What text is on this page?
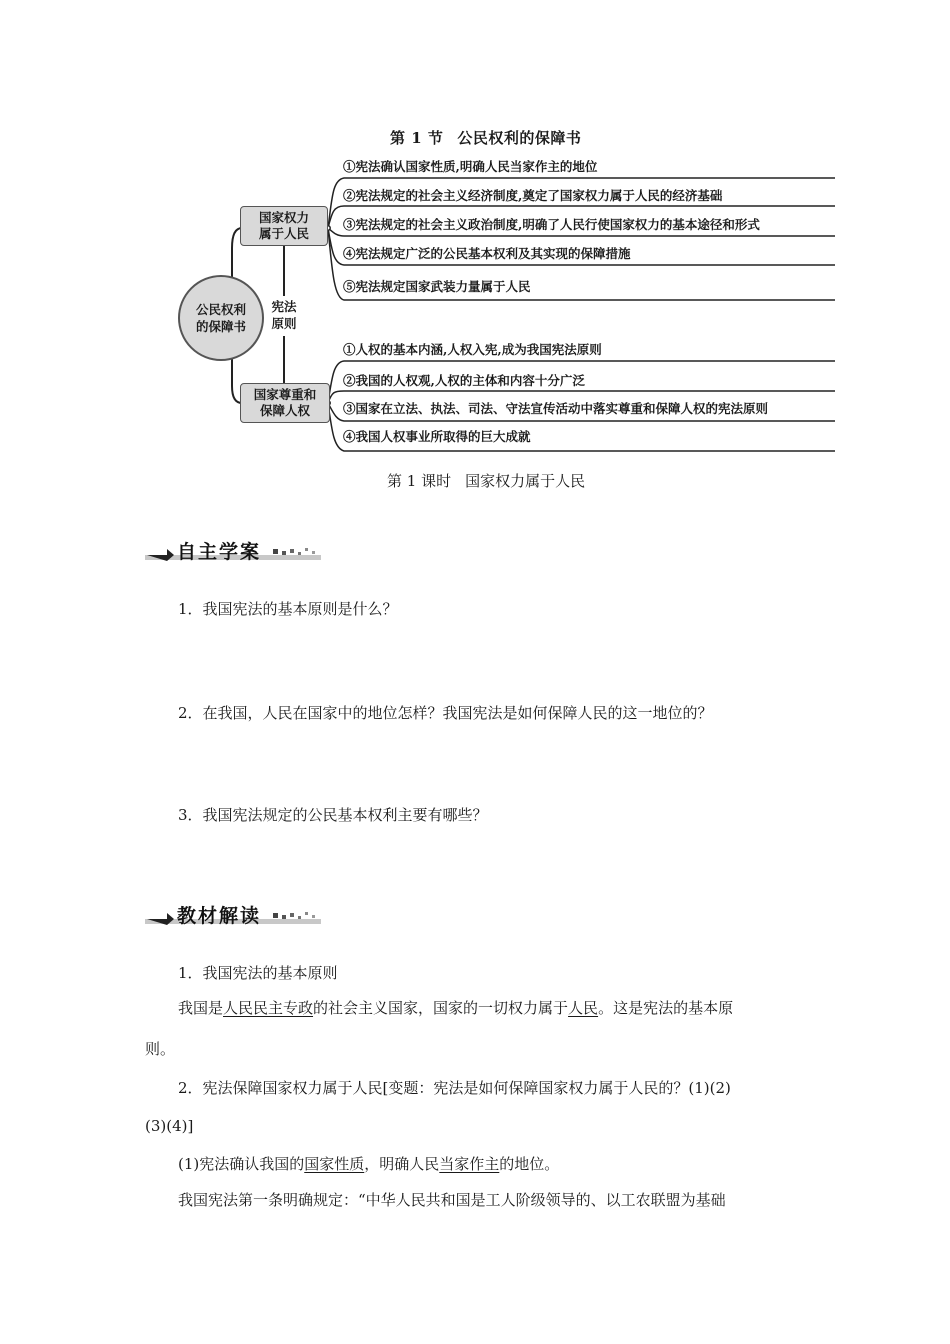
第 1 节 公民权利的保障书
公民权利
的保障书
国家权力
属于人民
宪法
原则
国家尊重和
保障人权
①宪法确认国家性质,明确人民当家作主的地位
②宪法规定的社会主义经济制度,奠定了国家权力属于人民的经济基础
③宪法规定的社会主义政治制度,明确了人民行使国家权力的基本途径和形式
④宪法规定广泛的公民基本权利及其实现的保障措施
⑤宪法规定国家武装力量属于人民
①人权的基本内涵,人权入宪,成为我国宪法原则
②我国的人权观,人权的主体和内容十分广泛
③国家在立法、执法、司法、守法宣传活动中落实尊重和保障人权的宪法原则
④我国人权事业所取得的巨大成就
第 1 课时 国家权力属于人民
自主学案
1．我国宪法的基本原则是什么？
2．在我国，人民在国家中的地位怎样？我国宪法是如何保障人民的这一地位的？
3．我国宪法规定的公民基本权利主要有哪些？
教材解读
1．我国宪法的基本原则
我国是人民民主专政的社会主义国家，国家的一切权力属于人民。这是宪法的基本原
则。
2．宪法保障国家权力属于人民[变题：宪法是如何保障国家权力属于人民的？(1)(2)
(3)(4)]
(1)宪法确认我国的国家性质，明确人民当家作主的地位。
我国宪法第一条明确规定：“中华人民共和国是工人阶级领导的、以工农联盟为基础
